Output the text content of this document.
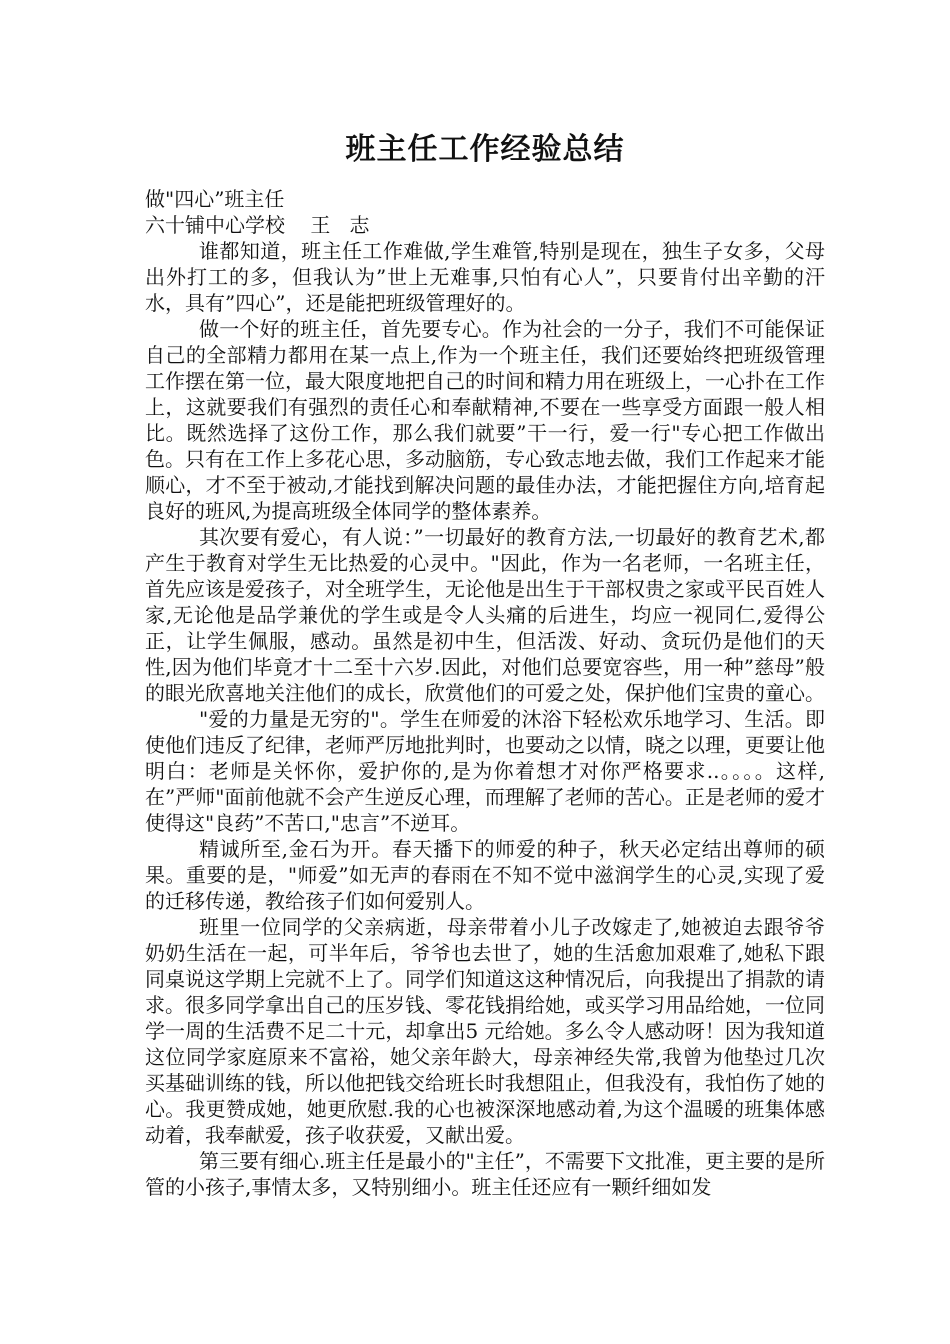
班主任工作经验总结

做"四心”班主任

六十铺中心学校    王   志

谁都知道，班主任工作难做,学生难管,特别是现在，独生子女多，父母出外打工的多，但我认为”世上无难事,只怕有心人”，只要肯付出辛勤的汗水，具有”四心”，还是能把班级管理好的。

做一个好的班主任，首先要专心。作为社会的一分子，我们不可能保证自己的全部精力都用在某一点上,作为一个班主任，我们还要始终把班级管理工作摆在第一位，最大限度地把自己的时间和精力用在班级上，一心扑在工作上，这就要我们有强烈的责任心和奉献精神,不要在一些享受方面跟一般人相比。既然选择了这份工作，那么我们就要”干一行，爱一行"专心把工作做出色。只有在工作上多花心思，多动脑筋，专心致志地去做，我们工作起来才能顺心，才不至于被动,才能找到解决问题的最佳办法，才能把握住方向,培育起良好的班风,为提高班级全体同学的整体素养。

其次要有爱心，有人说：”一切最好的教育方法,一切最好的教育艺术,都产生于教育对学生无比热爱的心灵中。"因此，作为一名老师，一名班主任，首先应该是爱孩子，对全班学生，无论他是出生于干部权贵之家或平民百姓人家,无论他是品学兼优的学生或是令人头痛的后进生，均应一视同仁,爱得公正，让学生佩服，感动。虽然是初中生，但活泼、好动、贪玩仍是他们的天性,因为他们毕竟才十二至十六岁.因此，对他们总要宽容些，用一种”慈母”般的眼光欣喜地关注他们的成长，欣赏他们的可爱之处，保护他们宝贵的童心。

"爱的力量是无穷的"。学生在师爱的沐浴下轻松欢乐地学习、生活。即使他们违反了纪律，老师严厉地批判时，也要动之以情，晓之以理，更要让他明白：老师是关怀你，爱护你的,是为你着想才对你严格要求..。。。。这样,在”严师"面前他就不会产生逆反心理，而理解了老师的苦心。正是老师的爱才使得这"良药”不苦口,"忠言”不逆耳。

精诚所至,金石为开。春天播下的师爱的种子，秋天必定结出尊师的硕果。重要的是，"师爱”如无声的春雨在不知不觉中滋润学生的心灵,实现了爱的迁移传递，教给孩子们如何爱别人。

班里一位同学的父亲病逝，母亲带着小儿子改嫁走了,她被迫去跟爷爷奶奶生活在一起，可半年后，爷爷也去世了，她的生活愈加艰难了,她私下跟同桌说这学期上完就不上了。同学们知道这这种情况后，向我提出了捐款的请求。很多同学拿出自己的压岁钱、零花钱捐给她，或买学习用品给她，一位同学一周的生活费不足二十元，却拿出5 元给她。多么令人感动呀！因为我知道这位同学家庭原来不富裕，她父亲年龄大，母亲神经失常,我曾为他垫过几次买基础训练的钱，所以他把钱交给班长时我想阻止，但我没有，我怕伤了她的心。我更赞成她，她更欣慰.我的心也被深深地感动着,为这个温暖的班集体感动着，我奉献爱，孩子收获爱，又献出爱。

第三要有细心.班主任是最小的"主任”，不需要下文批准，更主要的是所管的小孩子,事情太多，又特别细小。班主任还应有一颗纤细如发
